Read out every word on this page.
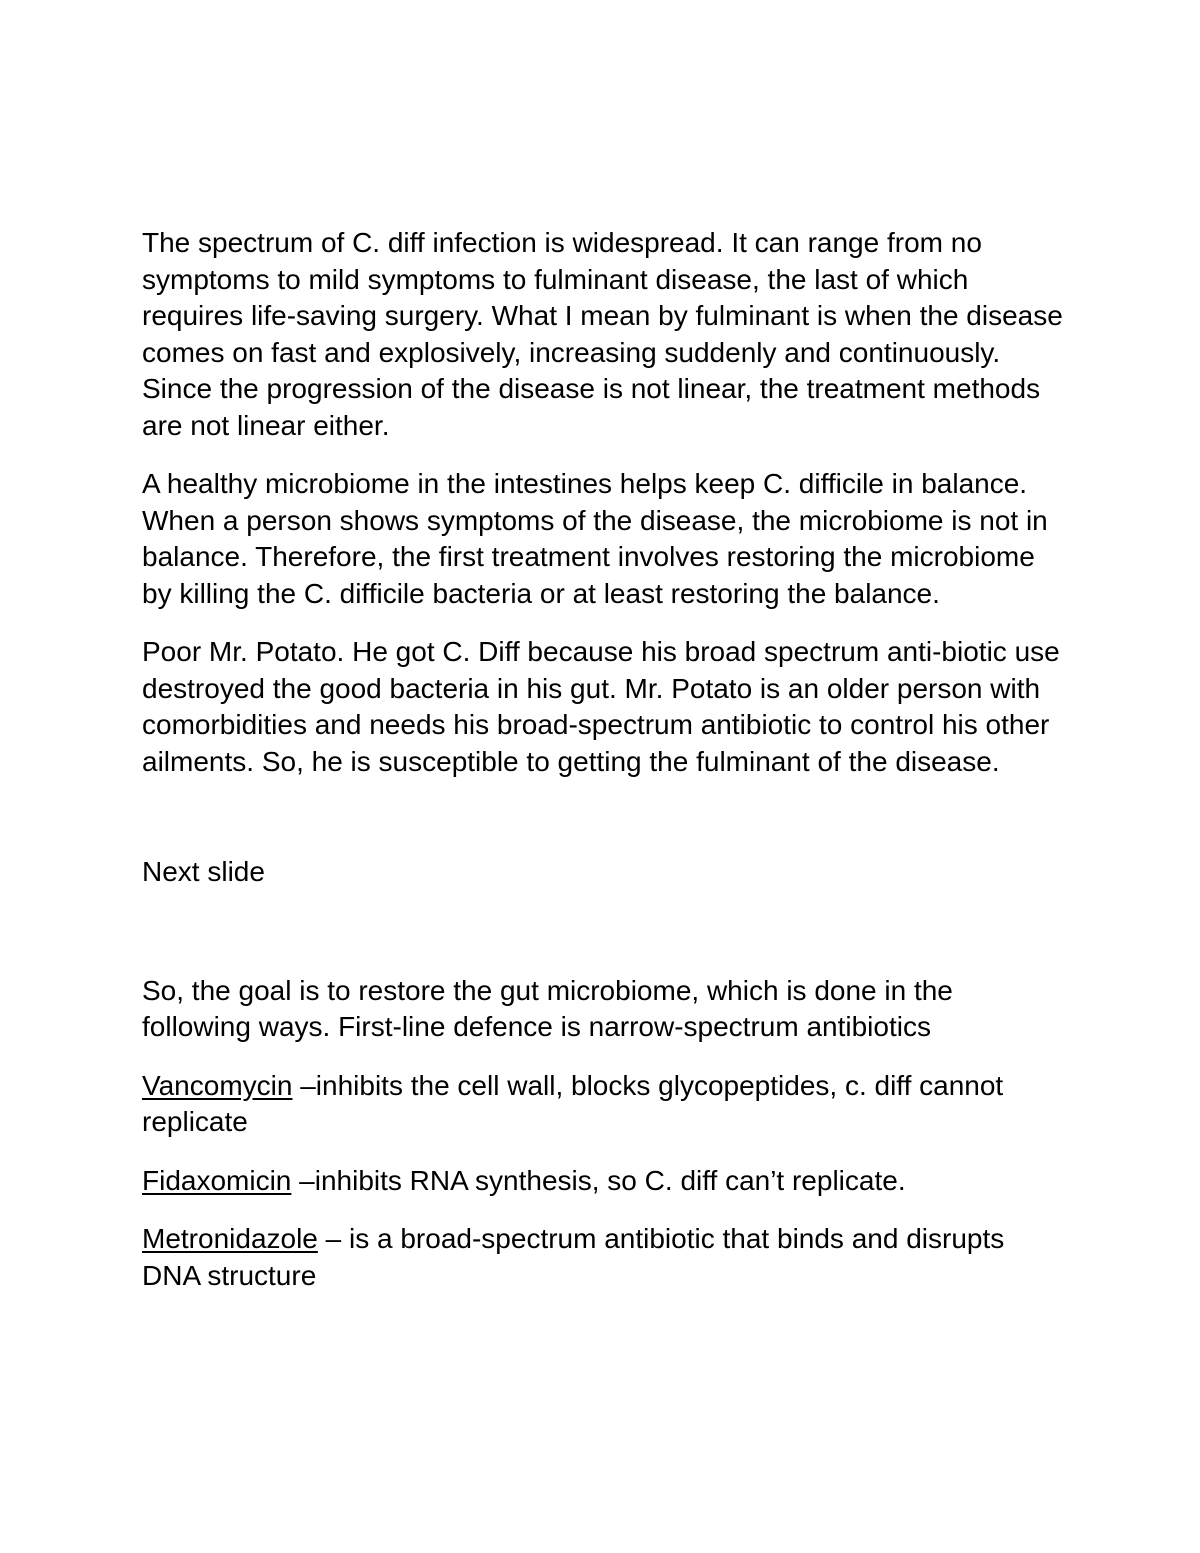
The spectrum of C. diff infection is widespread. It can range from no symptoms to mild symptoms to fulminant disease, the last of which requires life-saving surgery. What I mean by fulminant is when the disease comes on fast and explosively, increasing suddenly and continuously. Since the progression of the disease is not linear, the treatment methods are not linear either.

A healthy microbiome in the intestines helps keep C. difficile in balance. When a person shows symptoms of the disease, the microbiome is not in balance. Therefore, the first treatment involves restoring the microbiome by killing the C. difficile bacteria or at least restoring the balance.

Poor Mr. Potato. He got C. Diff because his broad spectrum anti-biotic use destroyed the good bacteria in his gut. Mr. Potato is an older person with comorbidities and needs his broad-spectrum antibiotic to control his other ailments. So, he is susceptible to getting the fulminant of the disease.

Next slide

So, the goal is to restore the gut microbiome, which is done in the following ways. First-line defence is narrow-spectrum antibiotics

Vancomycin –inhibits the cell wall, blocks glycopeptides, c. diff cannot replicate

Fidaxomicin –inhibits RNA synthesis, so C. diff can’t replicate.

Metronidazole – is a broad-spectrum antibiotic that binds and disrupts DNA structure
